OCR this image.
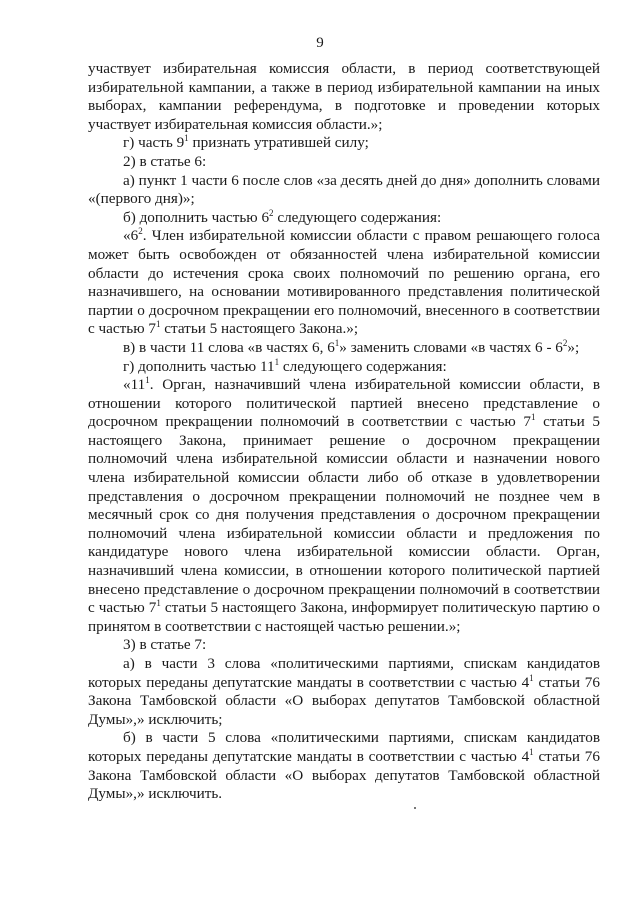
9

участвует избирательная комиссия области, в период соответствующей избирательной кампании, а также в период избирательной кампании на иных выборах, кампании референдума, в подготовке и проведении которых участвует избирательная комиссия области.»;

г) часть $9^1$ признать утратившей силу;

2) в статье 6:

а) пункт 1 части 6 после слов «за десять дней до дня» дополнить словами «(первого дня)»;

б) дополнить частью $6^2$ следующего содержания:

«$6^2$. Член избирательной комиссии области с правом решающего голоса может быть освобожден от обязанностей члена избирательной комиссии области до истечения срока своих полномочий по решению органа, его назначившего, на основании мотивированного представления политической партии о досрочном прекращении его полномочий, внесенного в соответствии с частью $7^1$ статьи 5 настоящего Закона.»;

в) в части 11 слова «в частях 6, $6^1$» заменить словами «в частях $6 - 6^2$»;

г) дополнить частью $11^1$ следующего содержания:

«$11^1$. Орган, назначивший члена избирательной комиссии области, в отношении которого политической партией внесено представление о досрочном прекращении полномочий в соответствии с частью $7^1$ статьи 5 настоящего Закона, принимает решение о досрочном прекращении полномочий члена избирательной комиссии области и назначении нового члена избирательной комиссии области либо об отказе в удовлетворении представления о досрочном прекращении полномочий не позднее чем в месячный срок со дня получения представления о досрочном прекращении полномочий члена избирательной комиссии области и предложения по кандидатуре нового члена избирательной комиссии области. Орган, назначивший члена комиссии, в отношении которого политической партией внесено представление о досрочном прекращении полномочий в соответствии с частью $7^1$ статьи 5 настоящего Закона, информирует политическую партию о принятом в соответствии с настоящей частью решении.»;

3) в статье 7:

а) в части 3 слова «политическими партиями, спискам кандидатов которых переданы депутатские мандаты в соответствии с частью $4^1$ статьи 76 Закона Тамбовской области «О выборах депутатов Тамбовской областной Думы»,» исключить;

б) в части 5 слова «политическими партиями, спискам кандидатов которых переданы депутатские мандаты в соответствии с частью $4^1$ статьи 76 Закона Тамбовской области «О выборах депутатов Тамбовской областной Думы»,» исключить.
